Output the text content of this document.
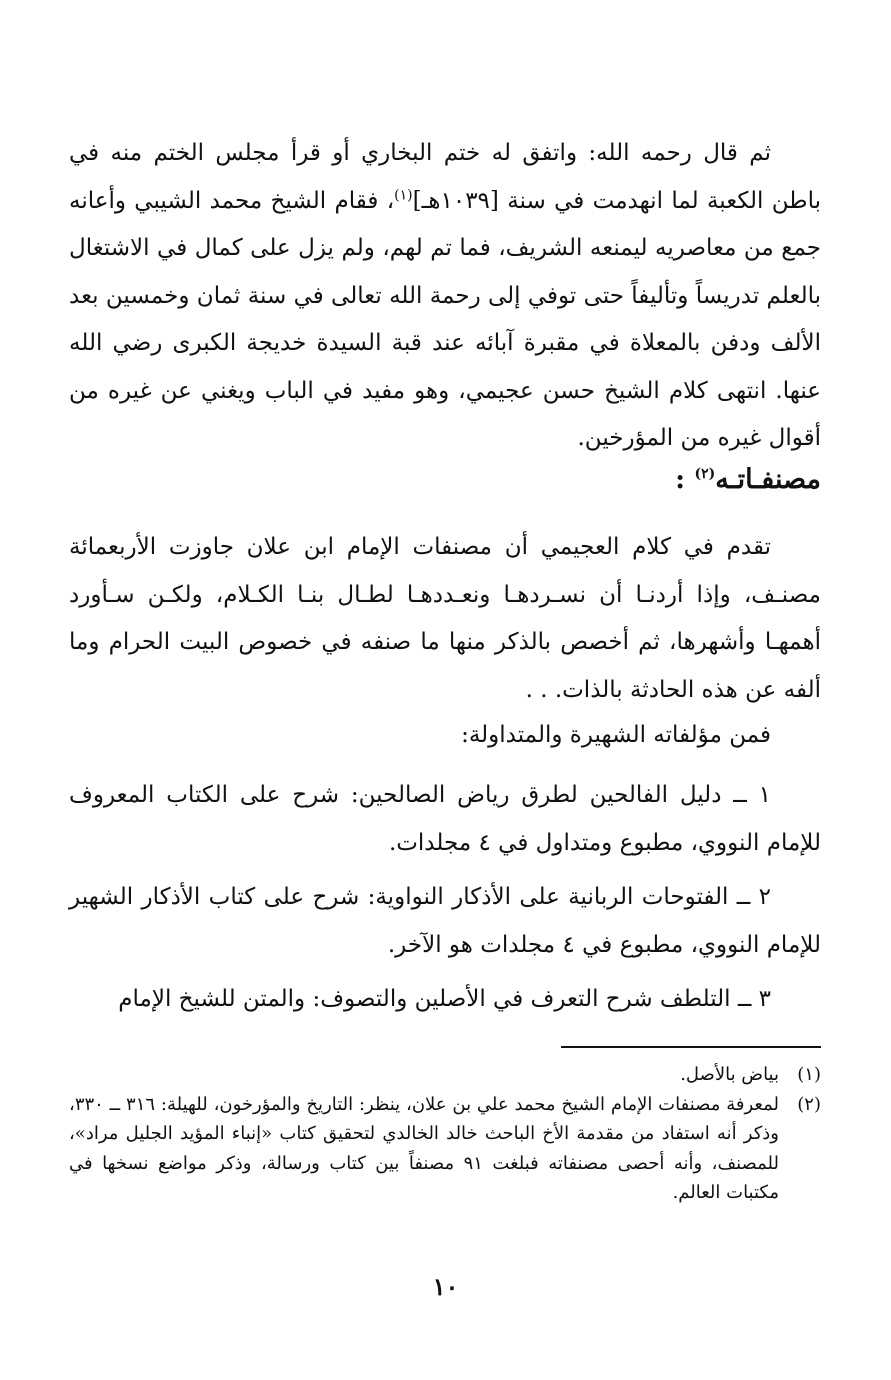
ثم قال رحمه الله: واتفق له ختم البخاري أو قرأ مجلس الختم منه في باطن الكعبة لما انهدمت في سنة [١٠٣٩هـ]$^{(١)}$، فقام الشيخ محمد الشيبي وأعانه جمع من معاصريه ليمنعه الشريف، فما تم لهم، ولم يزل على كمال في الاشتغال بالعلم تدريساً وتأليفاً حتى توفي إلى رحمة الله تعالى في سنة ثمان وخمسين بعد الألف ودفن بالمعلاة في مقبرة آبائه عند قبة السيدة خديجة الكبرى رضي الله عنها. انتهى كلام الشيخ حسن عجيمي، وهو مفيد في الباب ويغني عن غيره من أقوال غيره من المؤرخين.

مصنفـاتـه$^{(٢)}$ :

تقدم في كلام العجيمي أن مصنفات الإمام ابن علان جاوزت الأربعمائة مصنـف، وإذا أردنـا أن نسـردهـا ونعـددهـا لطـال بنـا الكـلام، ولكـن سـأورد أهمهـا وأشهرها، ثم أخصص بالذكر منها ما صنفه في خصوص البيت الحرام وما ألفه عن هذه الحادثة بالذات. . .

فمن مؤلفاته الشهيرة والمتداولة:

١ ــ دليل الفالحين لطرق رياض الصالحين: شرح على الكتاب المعروف للإمام النووي، مطبوع ومتداول في ٤ مجلدات.

٢ ــ الفتوحات الربانية على الأذكار النواوية: شرح على كتاب الأذكار الشهير للإمام النووي، مطبوع في ٤ مجلدات هو الآخر.

٣ ــ التلطف شرح التعرف في الأصلين والتصوف: والمتن للشيخ الإمام

(١)
بياض بالأصل.
(٢)
لمعرفة مصنفات الإمام الشيخ محمد علي بن علان، ينظر: التاريخ والمؤرخون، للهيلة: ٣١٦ ــ ٣٣٠، وذكر أنه استفاد من مقدمة الأخ الباحث خالد الخالدي لتحقيق كتاب «إنباء المؤيد الجليل مراد»، للمصنف، وأنه أحصى مصنفاته فبلغت ٩١ مصنفاً بين كتاب ورسالة، وذكر مواضع نسخها في مكتبات العالم.
١٠
